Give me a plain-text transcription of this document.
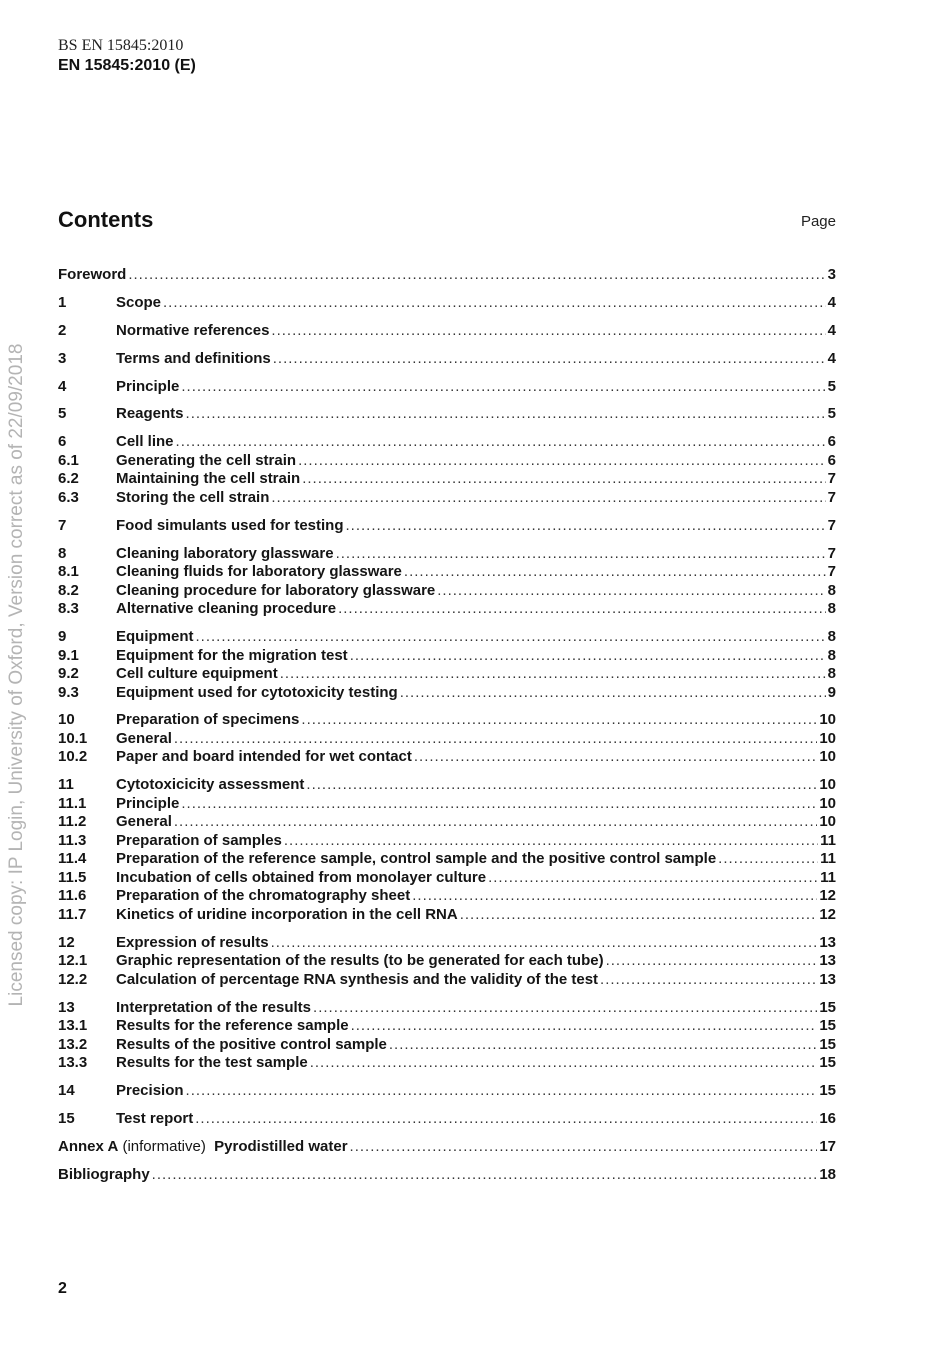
BS EN 15845:2010
EN 15845:2010 (E)
Contents	Page
Foreword .....	3
1	Scope .....	4
2	Normative references .....	4
3	Terms and definitions .....	4
4	Principle .....	5
5	Reagents .....	5
6	Cell line .....	6
6.1	Generating the cell strain .....	6
6.2	Maintaining the cell strain .....	7
6.3	Storing the cell strain .....	7
7	Food simulants used for testing .....	7
8	Cleaning laboratory glassware .....	7
8.1	Cleaning fluids for laboratory glassware .....	7
8.2	Cleaning procedure for laboratory glassware .....	8
8.3	Alternative cleaning procedure .....	8
9	Equipment .....	8
9.1	Equipment for the migration test .....	8
9.2	Cell culture equipment .....	8
9.3	Equipment used for cytotoxicity testing .....	9
10	Preparation of specimens .....	10
10.1	General .....	10
10.2	Paper and board intended for wet contact .....	10
11	Cytotoxicicity assessment .....	10
11.1	Principle .....	10
11.2	General .....	10
11.3	Preparation of samples .....	11
11.4	Preparation of the reference sample, control sample and the positive control sample .....	11
11.5	Incubation of cells obtained from monolayer culture .....	11
11.6	Preparation of the chromatography sheet .....	12
11.7	Kinetics of uridine incorporation in the cell RNA .....	12
12	Expression of results .....	13
12.1	Graphic representation of the results (to be generated for each tube) .....	13
12.2	Calculation of percentage RNA synthesis and the validity of the test .....	13
13	Interpretation of the results .....	15
13.1	Results for the reference sample .....	15
13.2	Results of the positive control sample .....	15
13.3	Results for the test sample .....	15
14	Precision .....	15
15	Test report .....	16
Annex A (informative)  Pyrodistilled water .....	17
Bibliography .....	18
Licensed copy: IP Login, University of Oxford, Version correct as of 22/09/2018
2
